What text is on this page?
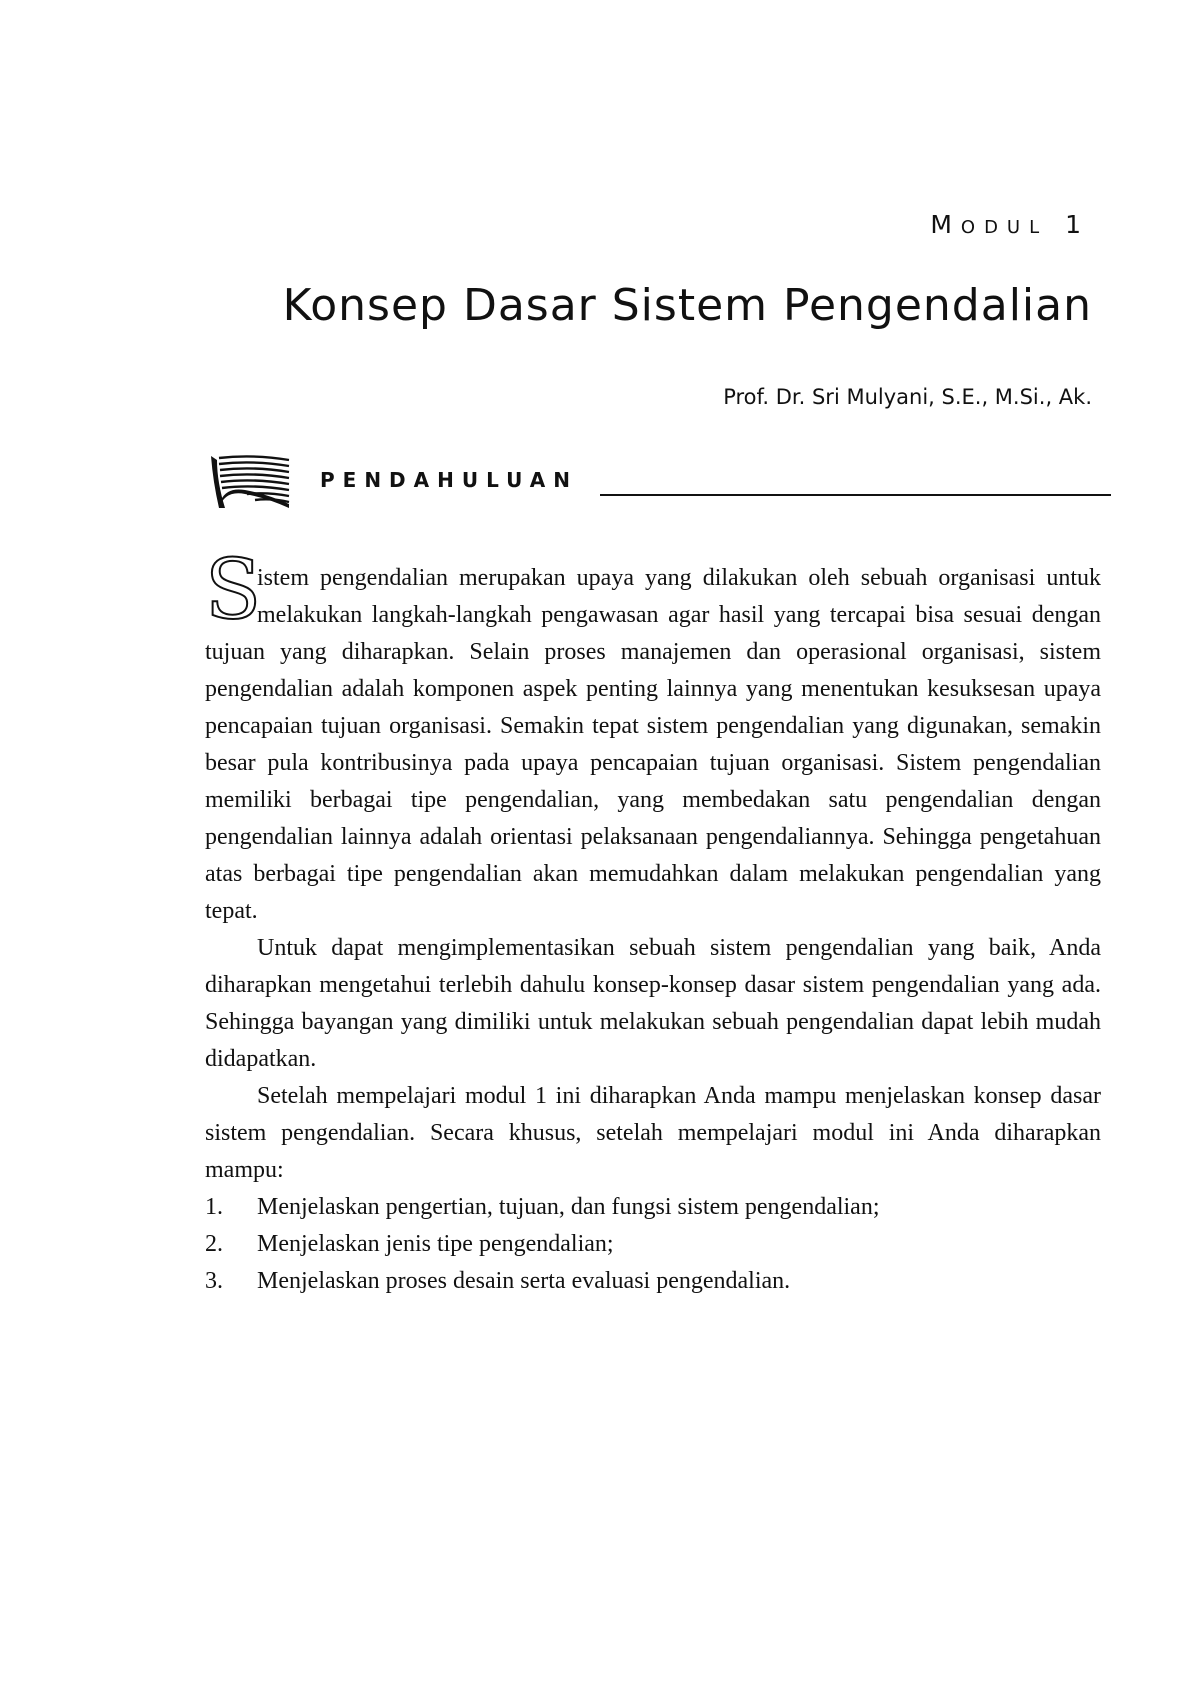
Modul 1
Konsep Dasar Sistem Pengendalian
Prof. Dr. Sri Mulyani, S.E., M.Si., Ak.
PENDAHULUAN

S
istem pengendalian merupakan upaya yang dilakukan oleh sebuah organisasi untuk melakukan langkah-langkah pengawasan agar hasil yang tercapai bisa sesuai dengan tujuan yang diharapkan. Selain proses manajemen dan operasional organisasi, sistem pengendalian adalah komponen aspek penting lainnya yang menentukan kesuksesan upaya pencapaian tujuan organisasi. Semakin tepat sistem pengendalian yang digunakan, semakin besar pula kontribusinya pada upaya pencapaian tujuan organisasi. Sistem pengendalian memiliki berbagai tipe pengendalian, yang membedakan satu pengendalian dengan pengendalian lainnya adalah orientasi pelaksanaan pengendaliannya. Sehingga pengetahuan atas berbagai tipe pengendalian akan memudahkan dalam melakukan pengendalian yang tepat.

Untuk dapat mengimplementasikan sebuah sistem pengendalian yang baik, Anda diharapkan mengetahui terlebih dahulu konsep-konsep dasar sistem pengendalian yang ada. Sehingga bayangan yang dimiliki untuk melakukan sebuah pengendalian dapat lebih mudah didapatkan.

Setelah mempelajari modul 1 ini diharapkan Anda mampu menjelaskan konsep dasar sistem pengendalian. Secara khusus, setelah mempelajari modul ini Anda diharapkan mampu:

1. Menjelaskan pengertian, tujuan, dan fungsi sistem pengendalian;
2. Menjelaskan jenis tipe pengendalian;
3. Menjelaskan proses desain serta evaluasi pengendalian.
